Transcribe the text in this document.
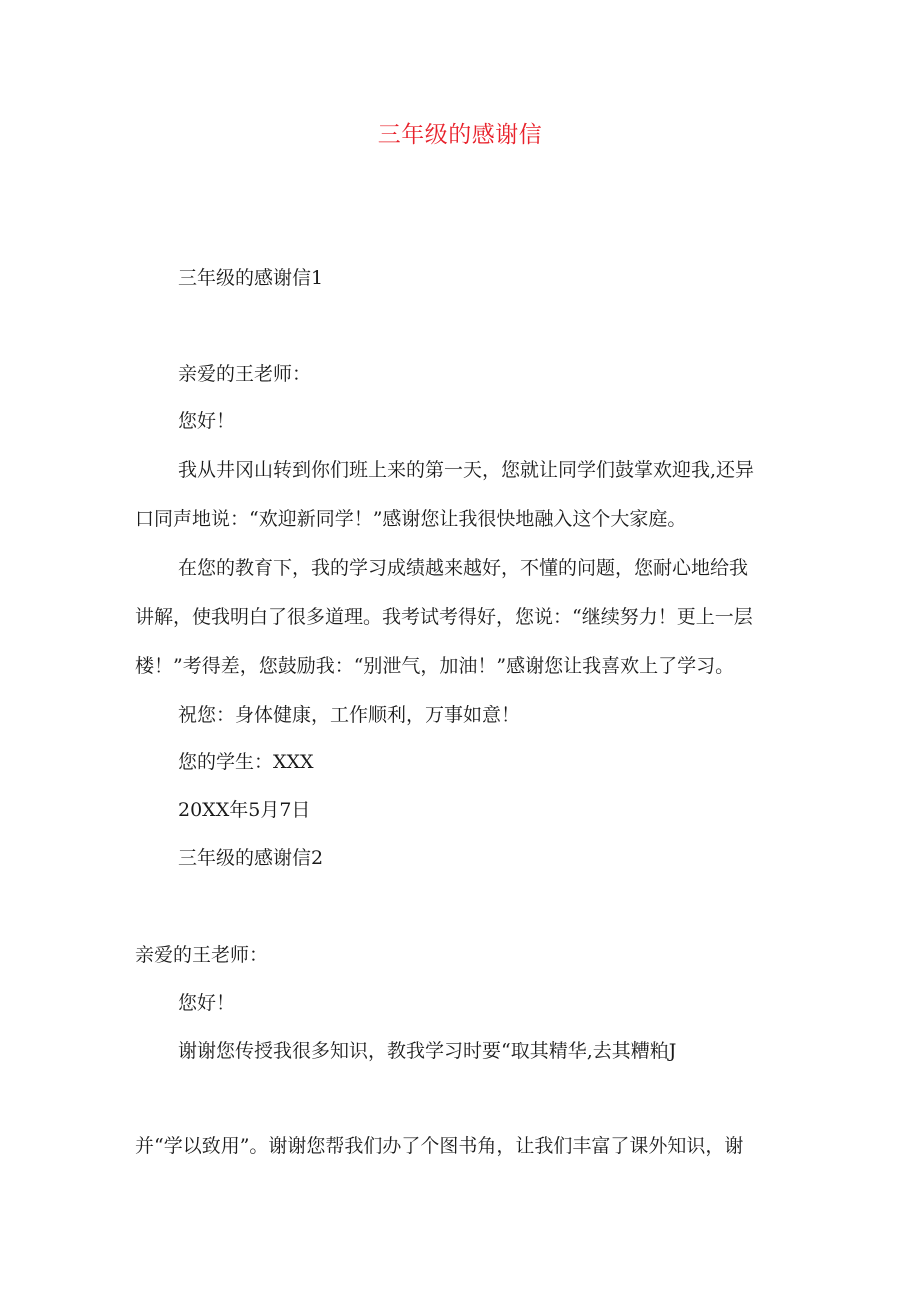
三年级的感谢信
三年级的感谢信1
亲爱的王老师：
您好！
我从井冈山转到你们班上来的第一天，您就让同学们鼓掌欢迎我,还异
口同声地说：“欢迎新同学！”感谢您让我很快地融入这个大家庭。
在您的教育下，我的学习成绩越来越好，不懂的问题，您耐心地给我
讲解，使我明白了很多道理。我考试考得好，您说：“继续努力！更上一层
楼！”考得差，您鼓励我：“别泄气，加油！”感谢您让我喜欢上了学习。
祝您：身体健康，工作顺利，万事如意！
您的学生：XXX
20XX年5月7日
三年级的感谢信2
亲爱的王老师：
您好！
谢谢您传授我很多知识，教我学习时要“取其精华,去其糟粕J
并“学以致用”。谢谢您帮我们办了个图书角，让我们丰富了课外知识，谢
